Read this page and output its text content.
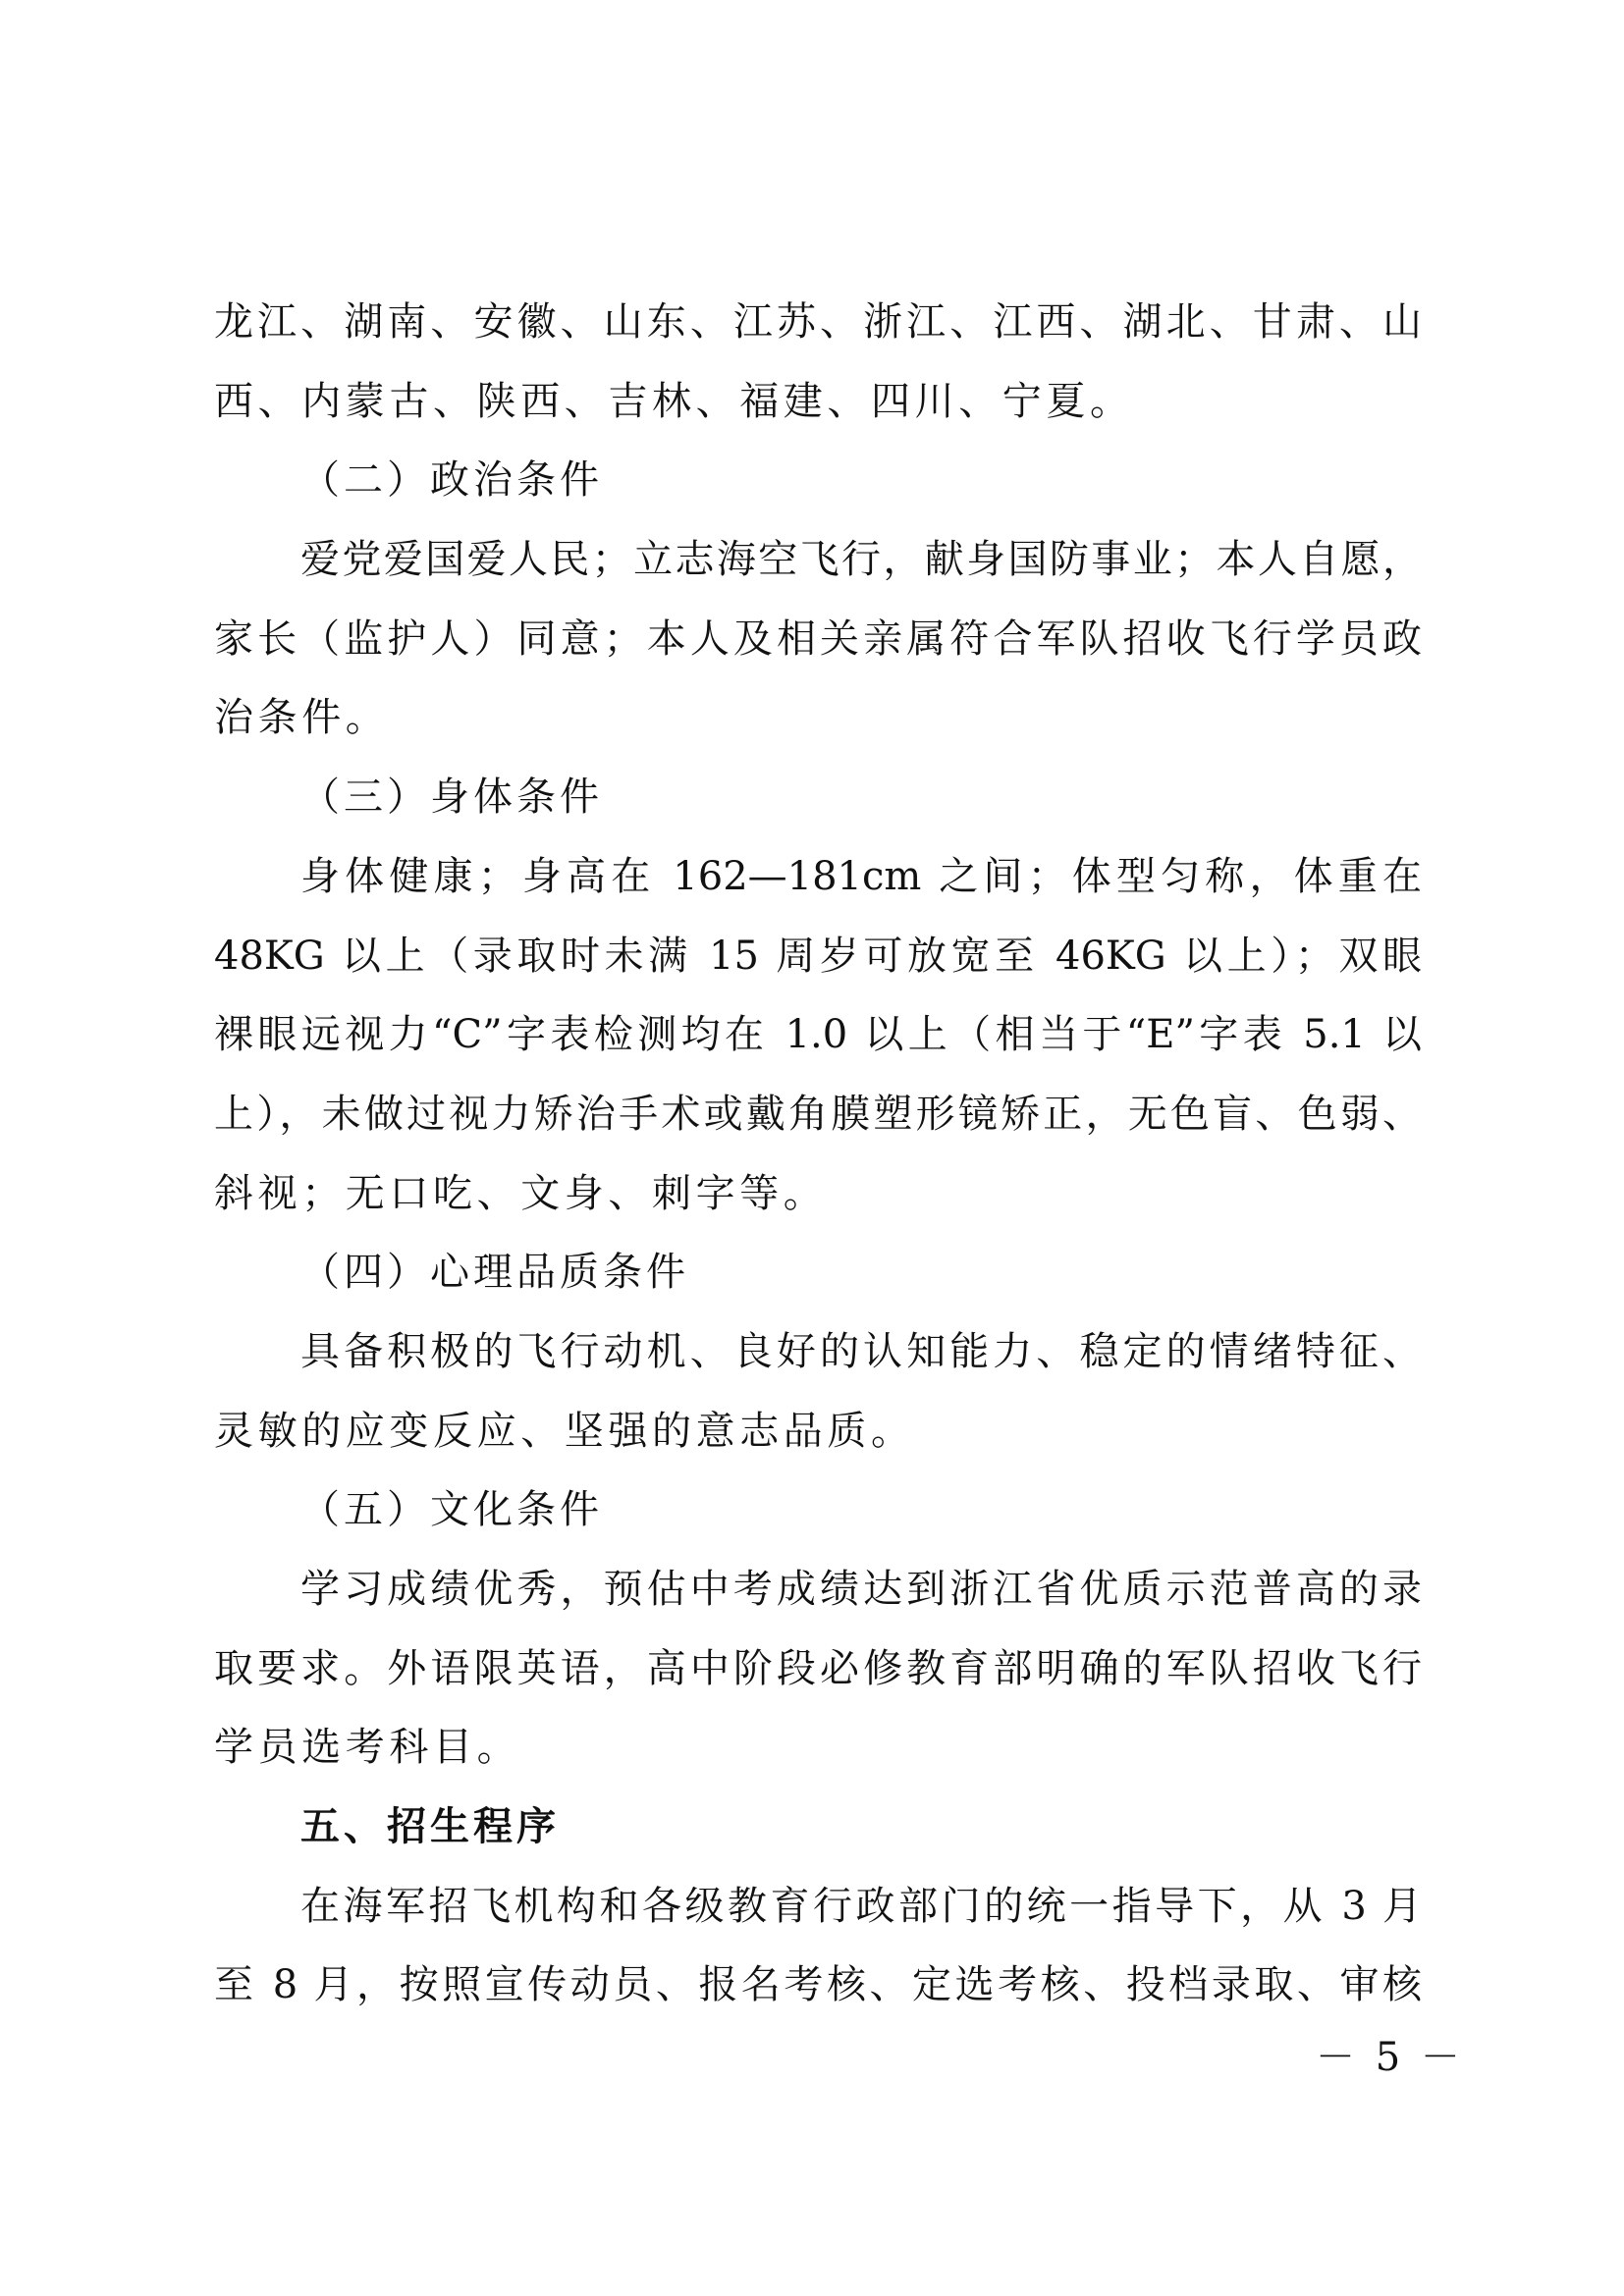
龙江、湖南、安徽、山东、江苏、浙江、江西、湖北、甘肃、山
西、内蒙古、陕西、吉林、福建、四川、宁夏。
（二）政治条件
爱党爱国爱人民；立志海空飞行，献身国防事业；本人自愿，
家长（监护人）同意；本人及相关亲属符合军队招收飞行学员政
治条件。
（三）身体条件
身体健康；身高在 162—181cm 之间；体型匀称，体重在
48KG 以上（录取时未满 15 周岁可放宽至 46KG 以上）；双眼
裸眼远视力“C”字表检测均在 1.0 以上（相当于“E”字表 5.1 以
上），未做过视力矫治手术或戴角膜塑形镜矫正，无色盲、色弱、
斜视；无口吃、文身、刺字等。
（四）心理品质条件
具备积极的飞行动机、良好的认知能力、稳定的情绪特征、
灵敏的应变反应、坚强的意志品质。
（五）文化条件
学习成绩优秀，预估中考成绩达到浙江省优质示范普高的录
取要求。外语限英语，高中阶段必修教育部明确的军队招收飞行
学员选考科目。
五、招生程序
在海军招飞机构和各级教育行政部门的统一指导下，从 3 月
至 8 月，按照宣传动员、报名考核、定选考核、投档录取、审核
－ 5 －
